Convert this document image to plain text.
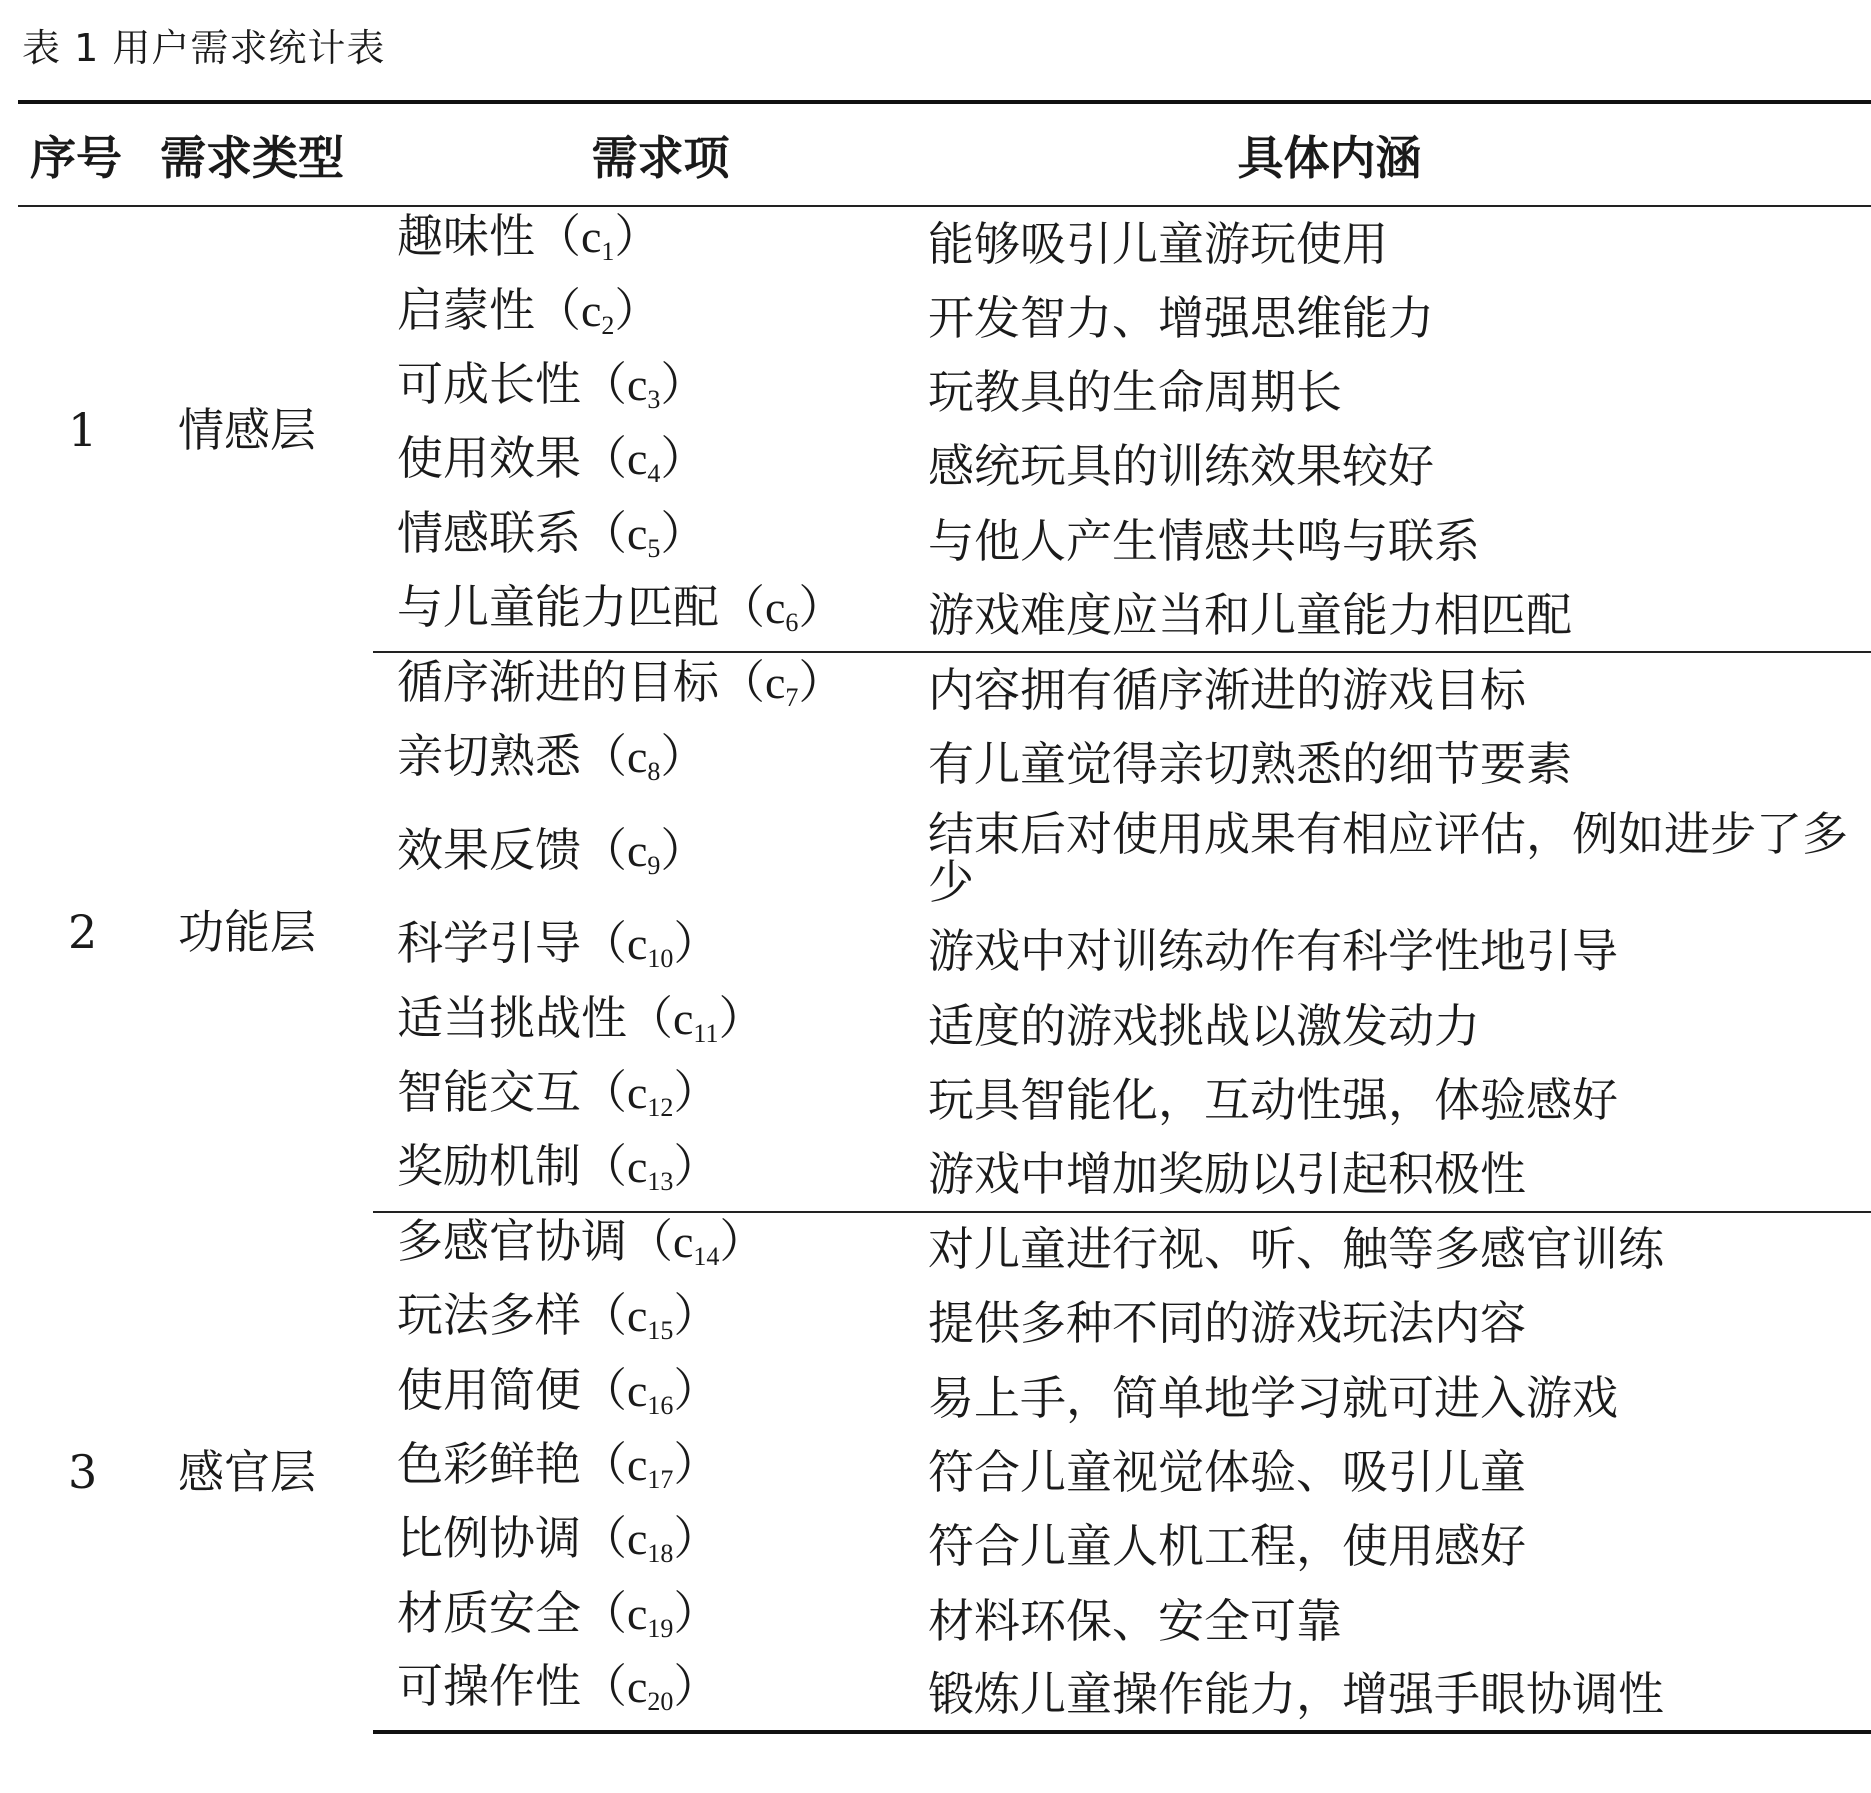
表 1 用户需求统计表
序号	需求类型	需求项	具体内涵
1	情感层	趣味性$(c_1)$	能够吸引儿童游玩使用
		启蒙性$(c_2)$	开发智力、增强思维能力
		可成长性$(c_3)$	玩教具的生命周期长
		使用效果$(c_4)$	感统玩具的训练效果较好
		情感联系$(c_5)$	与他人产生情感共鸣与联系
		与儿童能力匹配$(c_6)$	游戏难度应当和儿童能力相匹配
2	功能层	循序渐进的目标$(c_7)$	内容拥有循序渐进的游戏目标
		亲切熟悉$(c_8)$	有儿童觉得亲切熟悉的细节要素
		效果反馈$(c_9)$	结束后对使用成果有相应评估，例如进步了多少
		科学引导$(c_{10})$	游戏中对训练动作有科学性地引导
		适当挑战性$(c_{11})$	适度的游戏挑战以激发动力
		智能交互$(c_{12})$	玩具智能化，互动性强，体验感好
		奖励机制$(c_{13})$	游戏中增加奖励以引起积极性
3	感官层	多感官协调$(c_{14})$	对儿童进行视、听、触等多感官训练
		玩法多样$(c_{15})$	提供多种不同的游戏玩法内容
		使用简便$(c_{16})$	易上手，简单地学习就可进入游戏
		色彩鲜艳$(c_{17})$	符合儿童视觉体验、吸引儿童
		比例协调$(c_{18})$	符合儿童人机工程，使用感好
		材质安全$(c_{19})$	材料环保、安全可靠
		可操作性$(c_{20})$	锻炼儿童操作能力，增强手眼协调性
